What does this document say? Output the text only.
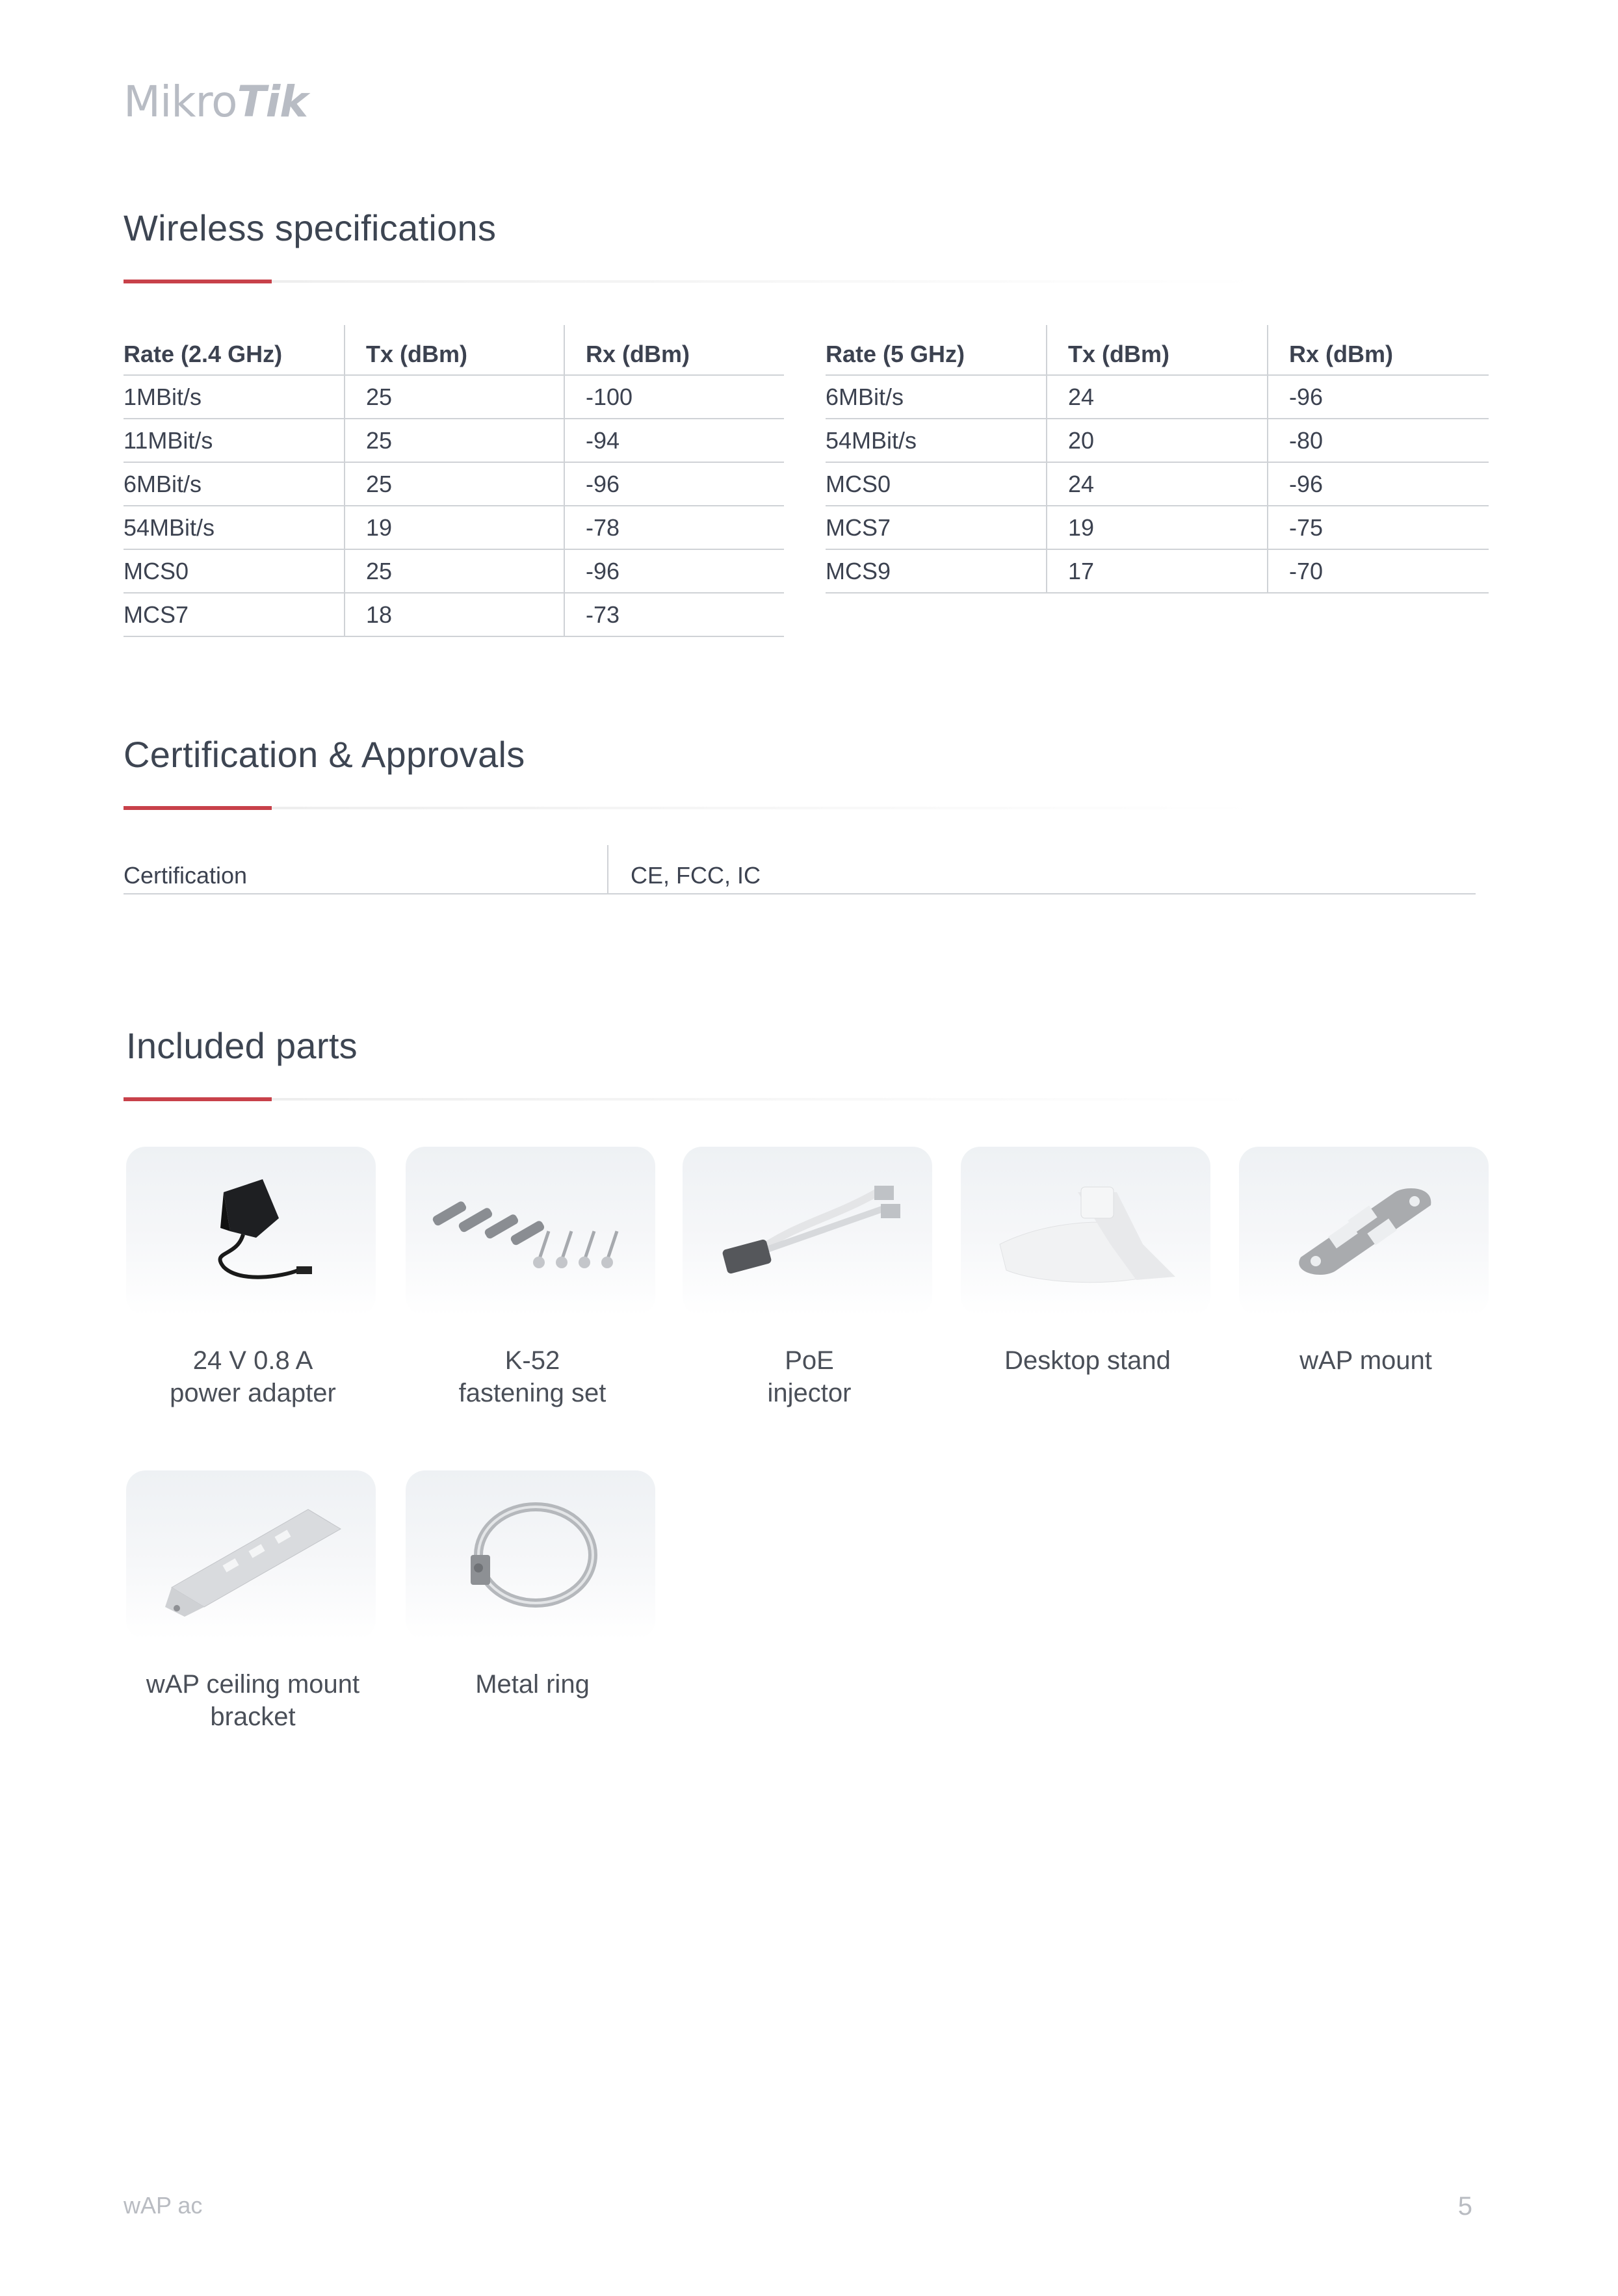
MikroTik
Wireless specifications
Rate (2.4 GHz)	Tx (dBm)	Rx (dBm)
1MBit/s	25	-100
11MBit/s	25	-94
6MBit/s	25	-96
54MBit/s	19	-78
MCS0	25	-96
MCS7	18	-73
Rate (5 GHz)	Tx (dBm)	Rx (dBm)
6MBit/s	24	-96
54MBit/s	20	-80
MCS0	24	-96
MCS7	19	-75
MCS9	17	-70
Certification & Approvals
Certification	CE, FCC, IC
Included parts
24 V 0.8 A
power adapter
K-52
fastening set
PoE
injector
Desktop stand	wAP mount
wAP ceiling mount
bracket
Metal ring
wAP ac	5
